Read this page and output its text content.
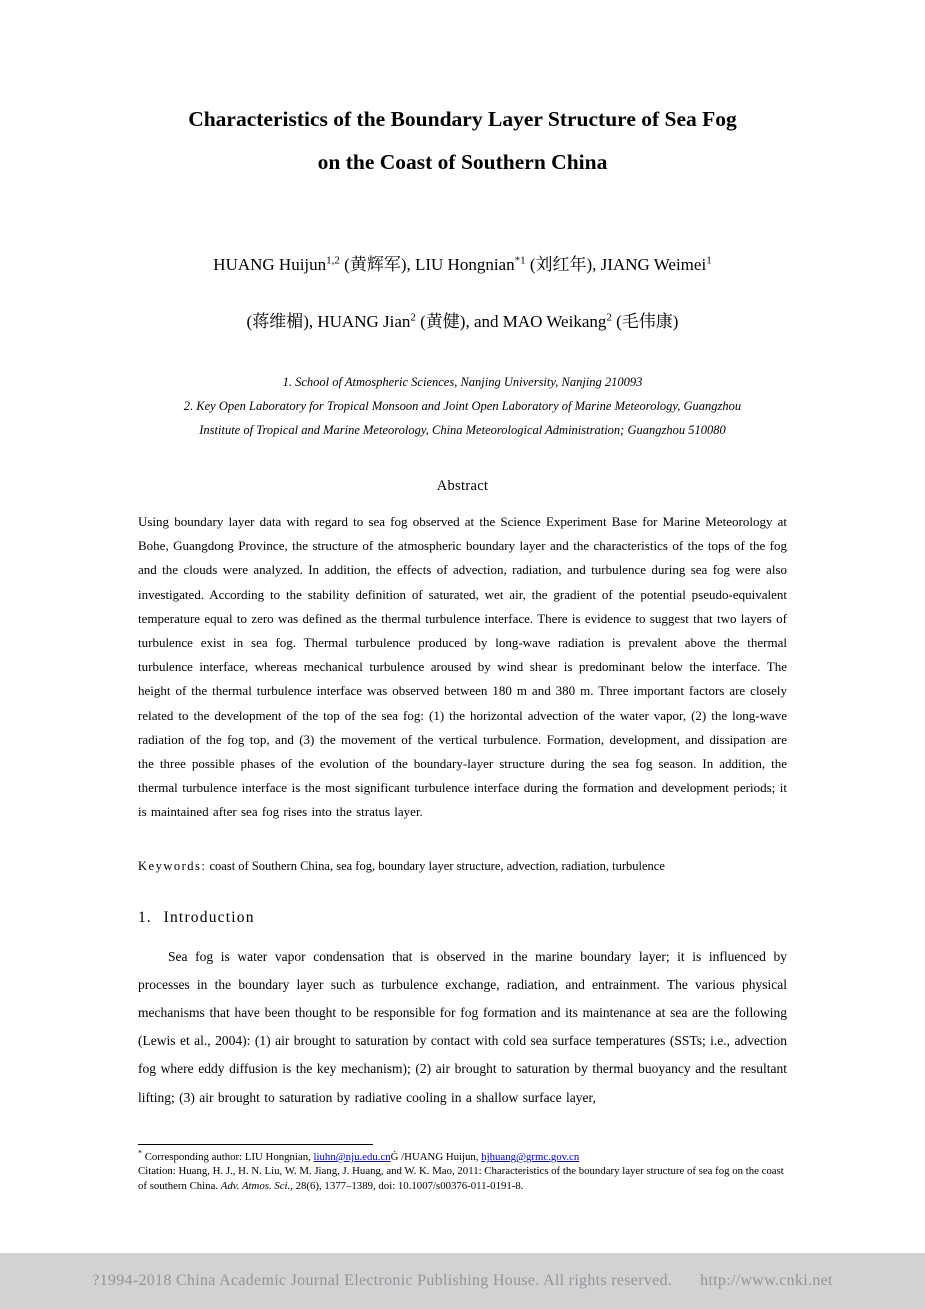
Characteristics of the Boundary Layer Structure of Sea Fog
on the Coast of Southern China
HUANG Huijun$^{1,2}$ (黄辉军), LIU Hongnian$^{*1}$ (刘红年), JIANG Weimei$^1$
(蒋维楣), HUANG Jian$^2$ (黄健), and MAO Weikang$^2$ (毛伟康)
1. School of Atmospheric Sciences, Nanjing University, Nanjing 210093
2. Key Open Laboratory for Tropical Monsoon and Joint Open Laboratory of Marine Meteorology, Guangzhou
Institute of Tropical and Marine Meteorology, China Meteorological Administration; Guangzhou 510080
Abstract
Using boundary layer data with regard to sea fog observed at the Science Experiment Base for Marine Meteorology at Bohe, Guangdong Province, the structure of the atmospheric boundary layer and the characteristics of the tops of the fog and the clouds were analyzed. In addition, the effects of advection, radiation, and turbulence during sea fog were also investigated. According to the stability definition of saturated, wet air, the gradient of the potential pseudo-equivalent temperature equal to zero was defined as the thermal turbulence interface. There is evidence to suggest that two layers of turbulence exist in sea fog. Thermal turbulence produced by long-wave radiation is prevalent above the thermal turbulence interface, whereas mechanical turbulence aroused by wind shear is predominant below the interface. The height of the thermal turbulence interface was observed between 180 m and 380 m. Three important factors are closely related to the development of the top of the sea fog: (1) the horizontal advection of the water vapor, (2) the long-wave radiation of the fog top, and (3) the movement of the vertical turbulence. Formation, development, and dissipation are the three possible phases of the evolution of the boundary-layer structure during the sea fog season. In addition, the thermal turbulence interface is the most significant turbulence interface during the formation and development periods; it is maintained after sea fog rises into the stratus layer.
Keywords: coast of Southern China, sea fog, boundary layer structure, advection, radiation, turbulence
1. Introduction
Sea fog is water vapor condensation that is observed in the marine boundary layer; it is influenced by processes in the boundary layer such as turbulence exchange, radiation, and entrainment. The various physical mechanisms that have been thought to be responsible for fog formation and its maintenance at sea are the following (Lewis et al., 2004): (1) air brought to saturation by contact with cold sea surface temperatures (SSTs; i.e., advection fog where eddy diffusion is the key mechanism); (2) air brought to saturation by thermal buoyancy and the resultant lifting; (3) air brought to saturation by radiative cooling in a shallow surface layer,
* Corresponding author: LIU Hongnian, liuhn@nju.edu.cnĠ /HUANG Huijun, hjhuang@grmc.gov.cn
Citation: Huang, H. J., H. N. Liu, W. M. Jiang, J. Huang, and W. K. Mao, 2011: Characteristics of the boundary layer structure of sea fog on the coast of southern China. Adv. Atmos. Sci., 28(6), 1377–1389, doi: 10.1007/s00376-011-0191-8.
?1994-2018 China Academic Journal Electronic Publishing House. All rights reserved. http://www.cnki.net
